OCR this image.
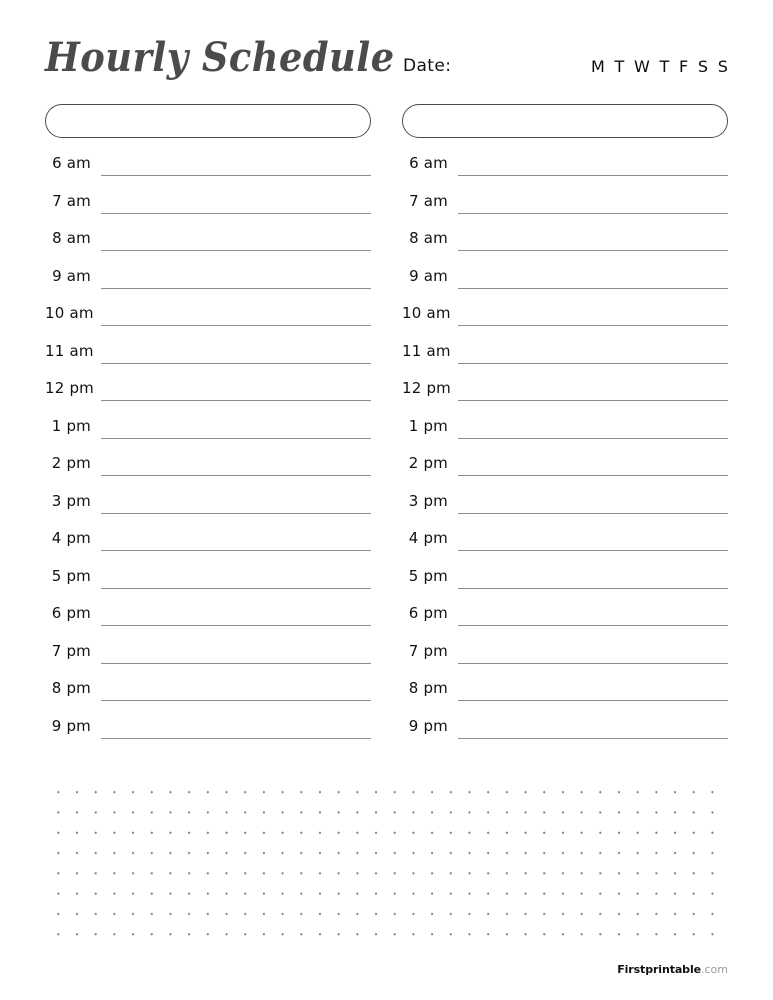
Hourly Schedule Date:	M T W T F S S
6 am
7 am
8 am
9 am
10 am
11 am
12 pm
1 pm
2 pm
3 pm
4 pm
5 pm
6 pm
7 pm
8 pm
9 pm
6 am
7 am
8 am
9 am
10 am
11 am
12 pm
1 pm
2 pm
3 pm
4 pm
5 pm
6 pm
7 pm
8 pm
9 pm
Firstprintable.com
